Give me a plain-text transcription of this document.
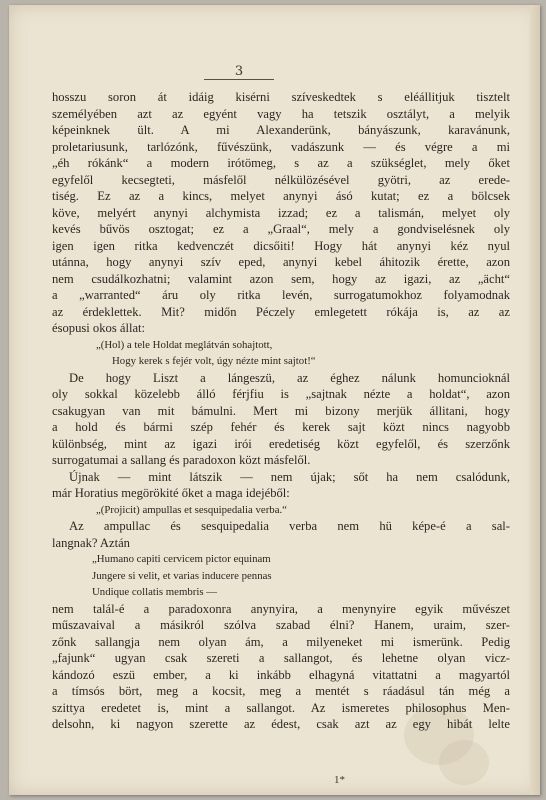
3
hosszu soron át idáig kisérni szíveskedtek s eléállitjuk tisztelt
személyében azt az egyént vagy ha tetszik osztályt, a melyik
képeinknek ült. A mi Alexanderünk, bányászunk, karavánunk,
proletariusunk, tarlózónk, fűvészünk, vadászunk — és végre a mi
„éh rókánk“ a modern irótömeg, s az a szükséglet, mely őket
egyfelől kecsegteti, másfelől nélkülözésével gyötri, az erede-
tiség. Ez az a kincs, melyet anynyi ásó kutat; ez a bölcsek
köve, melyért anynyi alchymista izzad; ez a talismán, melyet oly
kevés bűvös osztogat; ez a „Graal“, mely a gondviselésnek oly
igen igen ritka kedvenczét dicsőiti! Hogy hát anynyi kéz nyul
utánna, hogy anynyi szív eped, anynyi kebel áhitozik érette, azon
nem csudálkozhatni; valamint azon sem, hogy az igazi, az „ächt“
a „warranted“ áru oly ritka levén, surrogatumokhoz folyamodnak
az érdeklettek. Mit? midőn Péczely emlegetett rókája is, az az
ésopusi okos állat:
„(Hol) a tele Holdat meglátván sohajtott,
Hogy kerek s fejér volt, úgy nézte mint sajtot!“
De hogy Liszt a lángeszü, az éghez nálunk homuncioknál
oly sokkal közelebb álló férjfiu is „sajtnak nézte a holdat“, azon
csakugyan van mit bámulni. Mert mi bizony merjük állitani, hogy
a hold és bármi szép fehér és kerek sajt közt nincs nagyobb
különbség, mint az igazi irói eredetiség közt egyfelől, és szerzőnk
surrogatumai a sallang és paradoxon közt másfelől.
Újnak — mint látszik — nem újak; sőt ha nem csalódunk,
már Horatius megörökité őket a maga idejéből:
„(Projicit) ampullas et sesquipedalia verba.“
Az ampullac és sesquipedalia verba nem hü képe-é a sal-
langnak? Aztán
„Humano capiti cervicem pictor equinam
Jungere si velit, et varias inducere pennas
Undique collatis membris —
nem talál-é a paradoxonra anynyira, a menynyire egyik művészet
műszavaival a másikról szólva szabad élni? Hanem, uraim, szer-
zőnk sallangja nem olyan ám, a milyeneket mi ismerünk. Pedig
„fajunk“ ugyan csak szereti a sallangot, és lehetne olyan vicz-
kándozó eszü ember, a ki inkább elhagyná vitattatni a magyartól
a tímsós bört, meg a kocsit, meg a mentét s ráadásul tán még a
szittya eredetet is, mint a sallangot. Az ismeretes philosophus Men-
delsohn, ki nagyon szerette az édest, csak azt az egy hibát lelte
1*
